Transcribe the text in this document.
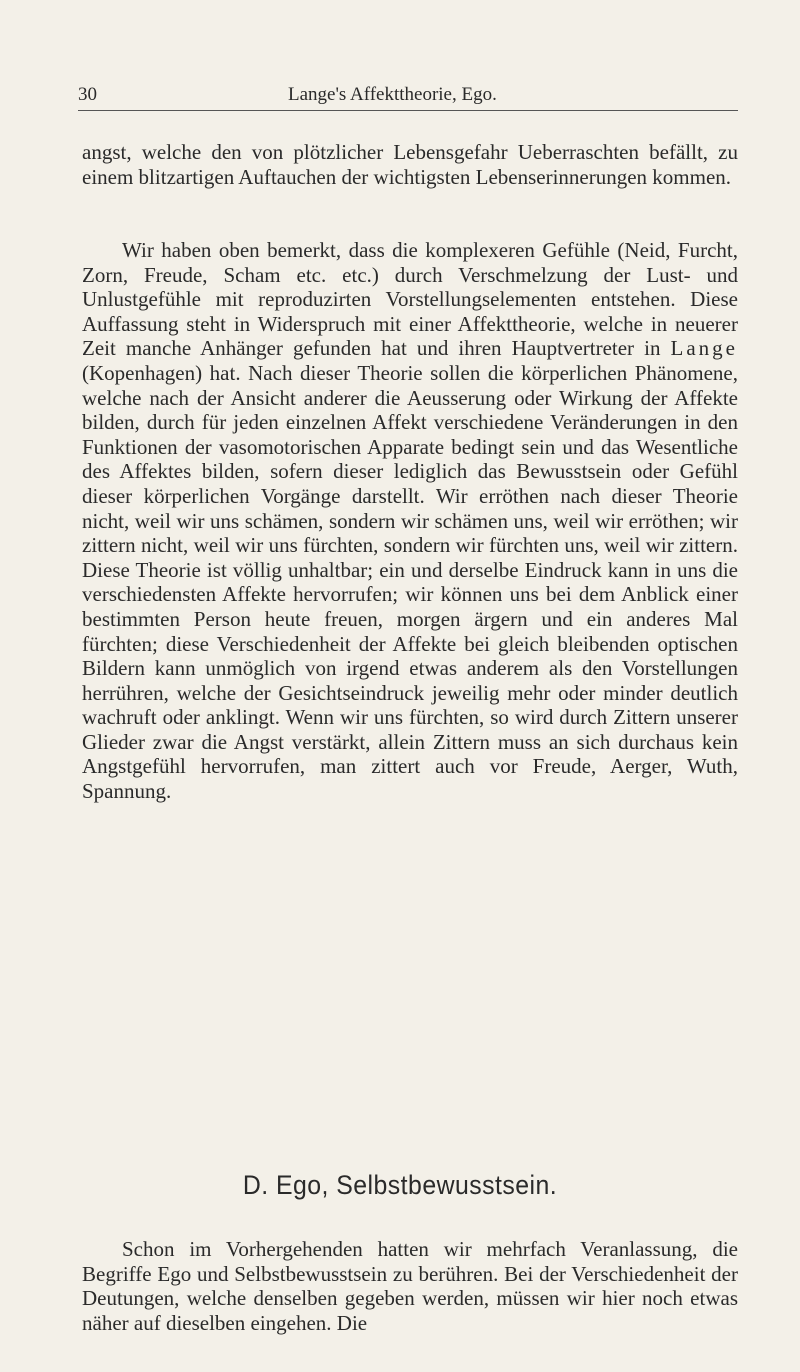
30	Lange's Affekttheorie, Ego.

angst, welche den von plötzlicher Lebensgefahr Ueberraschten befällt, zu einem blitzartigen Auftauchen der wichtigsten Lebenserinnerungen kommen.

Wir haben oben bemerkt, dass die komplexeren Gefühle (Neid, Furcht, Zorn, Freude, Scham etc. etc.) durch Verschmelzung der Lust- und Unlustgefühle mit reproduzirten Vorstellungselementen entstehen. Diese Auffassung steht in Widerspruch mit einer Affekttheorie, welche in neuerer Zeit manche Anhänger gefunden hat und ihren Hauptvertreter in Lange (Kopenhagen) hat. Nach dieser Theorie sollen die körperlichen Phänomene, welche nach der Ansicht anderer die Aeusserung oder Wirkung der Affekte bilden, durch für jeden einzelnen Affekt verschiedene Veränderungen in den Funktionen der vasomotorischen Apparate bedingt sein und das Wesentliche des Affektes bilden, sofern dieser lediglich das Bewusstsein oder Gefühl dieser körperlichen Vorgänge darstellt. Wir erröthen nach dieser Theorie nicht, weil wir uns schämen, sondern wir schämen uns, weil wir erröthen; wir zittern nicht, weil wir uns fürchten, sondern wir fürchten uns, weil wir zittern. Diese Theorie ist völlig unhaltbar; ein und derselbe Eindruck kann in uns die verschiedensten Affekte hervorrufen; wir können uns bei dem Anblick einer bestimmten Person heute freuen, morgen ärgern und ein anderes Mal fürchten; diese Verschiedenheit der Affekte bei gleich bleibenden optischen Bildern kann unmöglich von irgend etwas anderem als den Vorstellungen herrühren, welche der Gesichtseindruck jeweilig mehr oder minder deutlich wachruft oder anklingt. Wenn wir uns fürchten, so wird durch Zittern unserer Glieder zwar die Angst verstärkt, allein Zittern muss an sich durchaus kein Angstgefühl hervorrufen, man zittert auch vor Freude, Aerger, Wuth, Spannung.

D. Ego, Selbstbewusstsein.

Schon im Vorhergehenden hatten wir mehrfach Veranlassung, die Begriffe Ego und Selbstbewusstsein zu berühren. Bei der Verschiedenheit der Deutungen, welche denselben gegeben werden, müssen wir hier noch etwas näher auf dieselben eingehen. Die
